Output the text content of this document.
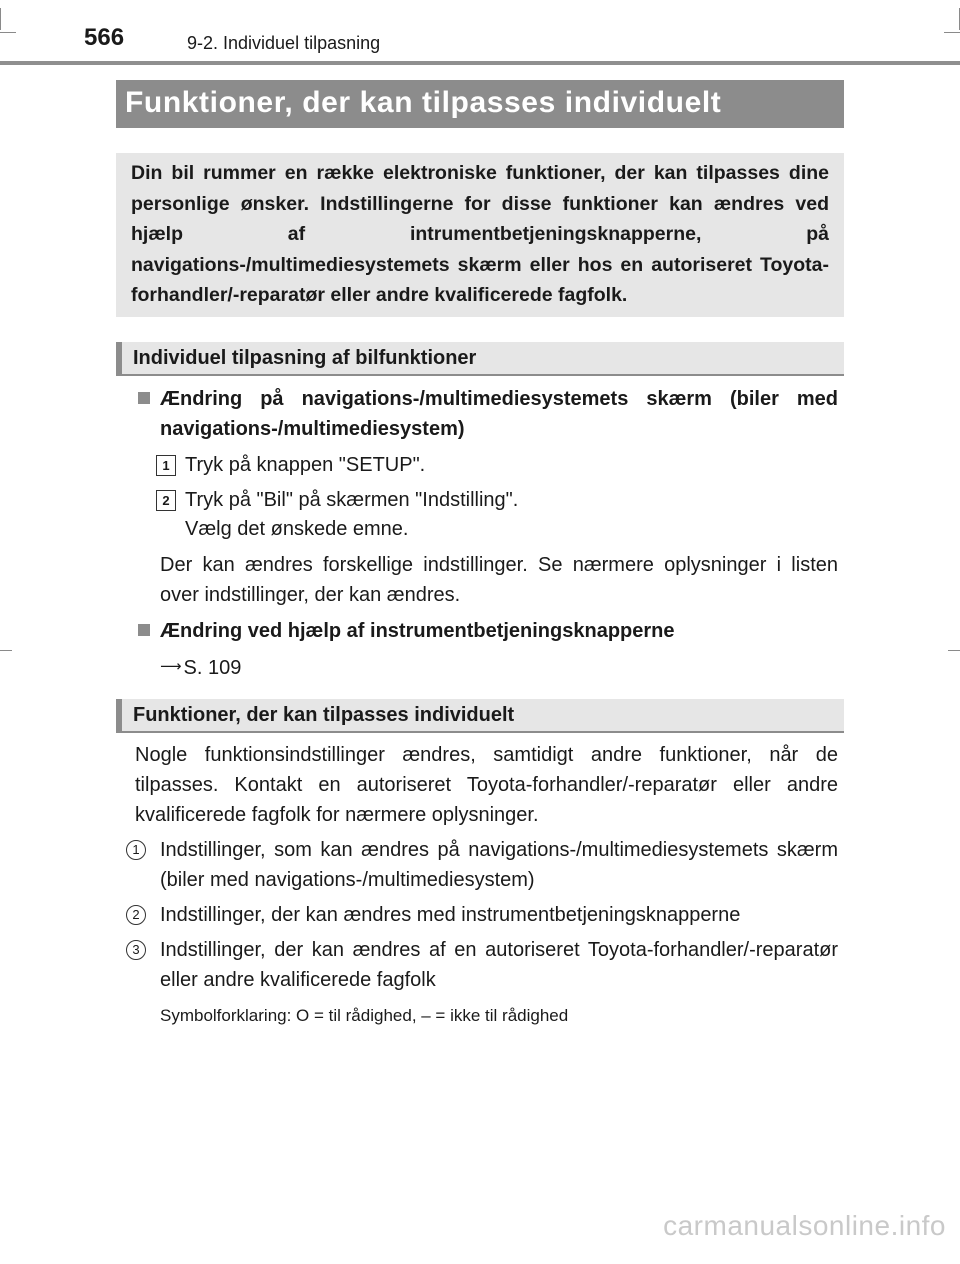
566	9-2. Individuel tilpasning
Funktioner, der kan tilpasses individuelt
Din bil rummer en række elektroniske funktioner, der kan tilpasses dine personlige ønsker. Indstillingerne for disse funktioner kan ændres ved hjælp af intrumentbetjeningsknapperne, på navigations-/multimediesystemets skærm eller hos en autoriseret Toyota-forhandler/-reparatør eller andre kvalificerede fagfolk.
Individuel tilpasning af bilfunktioner
Ændring på navigations-/multimediesystemets skærm (biler med navigations-/multimediesystem)
1 Tryk på knappen "SETUP".
2 Tryk på "Bil" på skærmen "Indstilling".
Vælg det ønskede emne.
Der kan ændres forskellige indstillinger. Se nærmere oplysninger i listen over indstillinger, der kan ændres.
Ændring ved hjælp af instrumentbetjeningsknapperne
⟶ S. 109
Funktioner, der kan tilpasses individuelt
Nogle funktionsindstillinger ændres, samtidigt andre funktioner, når de tilpasses. Kontakt en autoriseret Toyota-forhandler/-reparatør eller andre kvalificerede fagfolk for nærmere oplysninger.
1	Indstillinger, som kan ændres på navigations-/multimediesystemets skærm (biler med navigations-/multimediesystem)
2	Indstillinger, der kan ændres med instrumentbetjeningsknapperne
3	Indstillinger, der kan ændres af en autoriseret Toyota-forhandler/-reparatør eller andre kvalificerede fagfolk
Symbolforklaring: O = til rådighed, – = ikke til rådighed
carmanualsonline.info
